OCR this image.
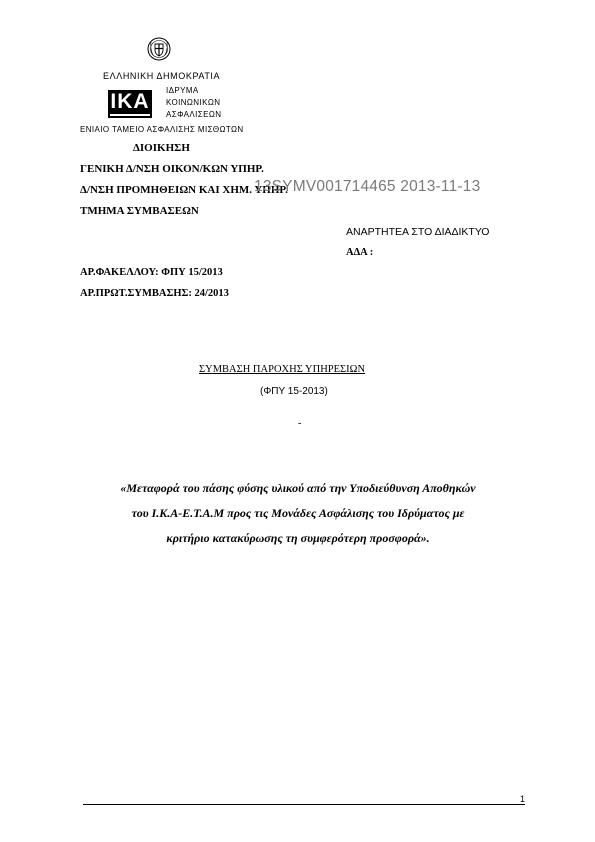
ΕΛΛΗΝΙΚΗ ΔΗΜΟΚΡΑΤΙΑ
ΙΚΑ	ΙΔΡΥΜΑ
ΚΟΙΝΩΝΙΚΩΝ
ΑΣΦΑΛΙΣΕΩΝ
ΕΝΙΑΙΟ ΤΑΜΕΙΟ ΑΣΦΑΛΙΣΗΣ ΜΙΣΘΩΤΩΝ
ΔΙΟΙΚΗΣΗ
ΓΕΝΙΚΗ Δ/ΝΣΗ ΟΙΚΟΝ/ΚΩΝ ΥΠΗΡ.
Δ/ΝΣΗ ΠΡΟΜΗΘΕΙΩΝ ΚΑΙ ΧΗΜ. ΥΠΗΡ.
ΤΜΗΜΑ ΣΥΜΒΑΣΕΩΝ
13SYMV001714465 2013-11-13
ΑΝΑΡΤΗΤΕΑ ΣΤΟ ΔΙΑΔΙΚΤΥΟ
ΑΔΑ :
ΑΡ.ΦΑΚΕΛΛΟΥ: ΦΠΥ 15/2013
ΑΡ.ΠΡΩΤ.ΣΥΜΒΑΣΗΣ: 24/2013
ΣΥΜΒΑΣΗ ΠΑΡΟΧΗΣ ΥΠΗΡΕΣΙΩΝ
(ΦΠΥ 15-2013)
-
«Μεταφορά του πάσης φύσης υλικού από την Υποδιεύθυνση Αποθηκών
του Ι.Κ.Α-Ε.Τ.Α.Μ προς τις Μονάδες Ασφάλισης του Ιδρύματος με
κριτήριο κατακύρωσης τη συμφερότερη προσφορά».
1
